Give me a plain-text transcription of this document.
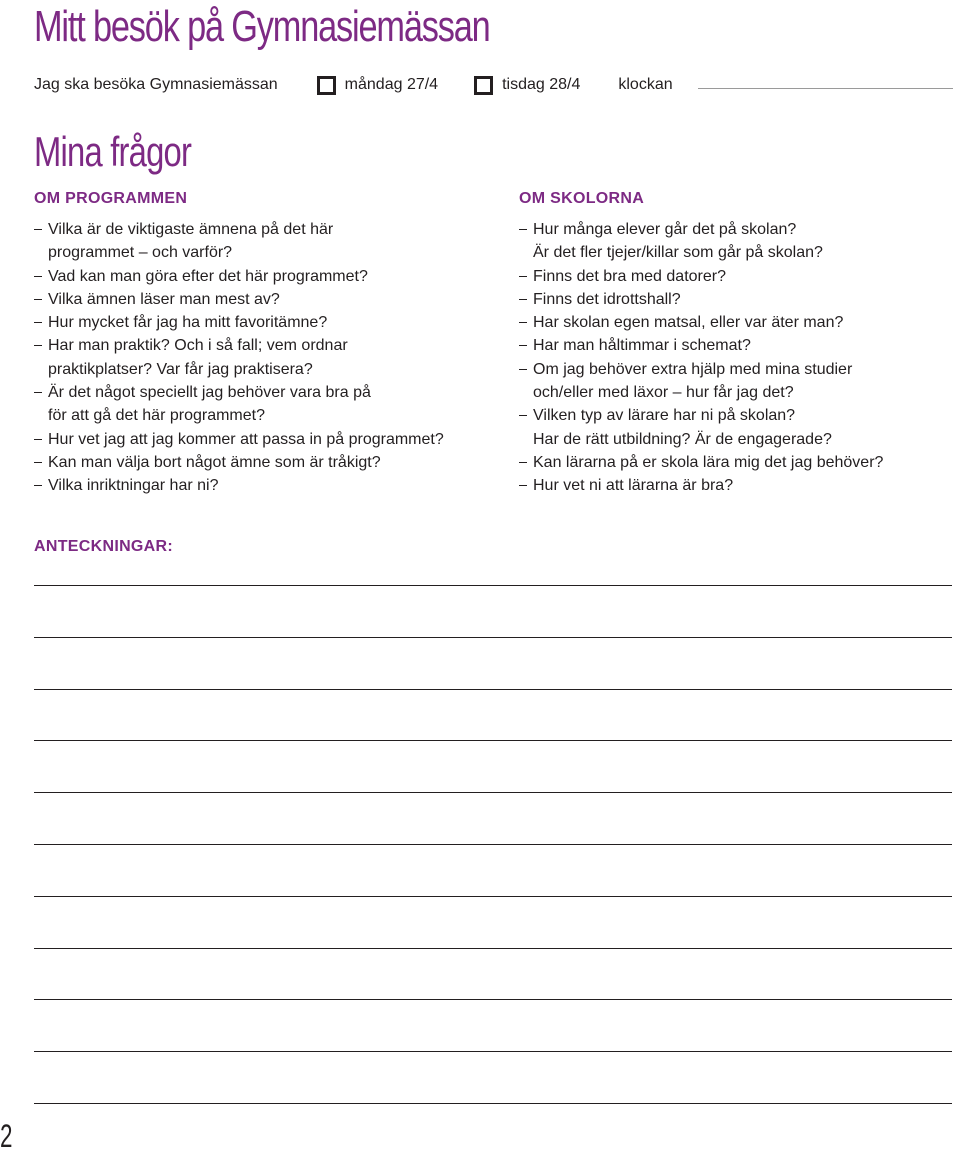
Mitt besök på Gymnasiemässan
Jag ska besöka Gymnasiemässan	måndag 27/4	tisdag 28/4 klockan
Mina frågor
OM PROGRAMMEN
Vilka är de viktigaste ämnena på det här
programmet – och varför?
Vad kan man göra efter det här programmet?
Vilka ämnen läser man mest av?
Hur mycket får jag ha mitt favoritämne?
Har man praktik? Och i så fall; vem ordnar
praktikplatser? Var får jag praktisera?
Är det något speciellt jag behöver vara bra på
för att gå det här programmet?
Hur vet jag att jag kommer att passa in på programmet?
Kan man välja bort något ämne som är tråkigt?
Vilka inriktningar har ni?
OM SKOLORNA
Hur många elever går det på skolan?
Är det fler tjejer/killar som går på skolan?
Finns det bra med datorer?
Finns det idrottshall?
Har skolan egen matsal, eller var äter man?
Har man håltimmar i schemat?
Om jag behöver extra hjälp med mina studier
och/eller med läxor – hur får jag det?
Vilken typ av lärare har ni på skolan?
Har de rätt utbildning? Är de engagerade?
Kan lärarna på er skola lära mig det jag behöver?
Hur vet ni att lärarna är bra?
ANTECKNINGAR:
2
